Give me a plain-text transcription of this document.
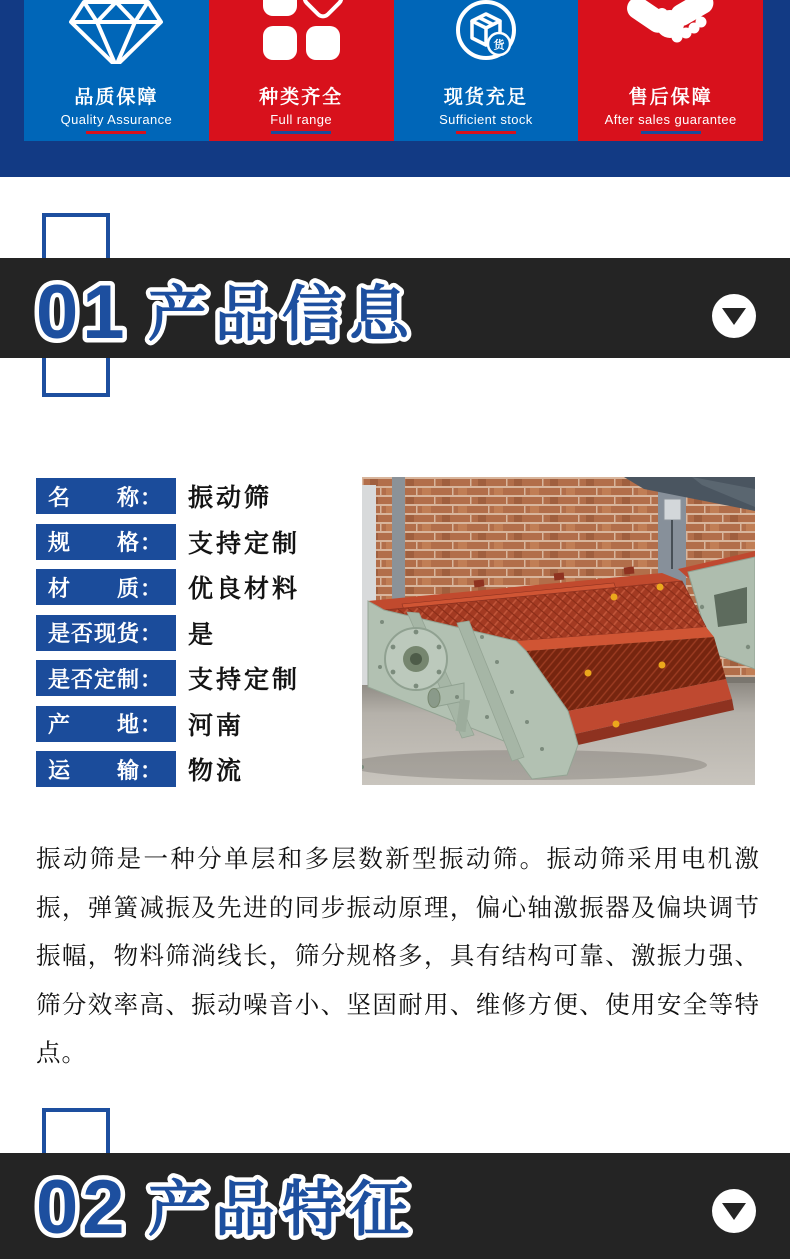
品质保障
Quality Assurance
种类齐全
Full range
货
现货充足
Sufficient stock
售后保障
After sales guarantee
01 产品信息
名　　称： 振动筛
规　　格： 支持定制
材　　质： 优良材料
是否现货： 是
是否定制： 支持定制
产　　地： 河南
运　　输： 物流

振动筛是一种分单层和多层数新型振动筛。振动筛采用电机激振，弹簧减振及先进的同步振动原理，偏心轴激振器及偏块调节振幅，物料筛淌线长，筛分规格多，具有结构可靠、激振力强、筛分效率高、振动噪音小、坚固耐用、维修方便、使用安全等特点。

02 产品特征
